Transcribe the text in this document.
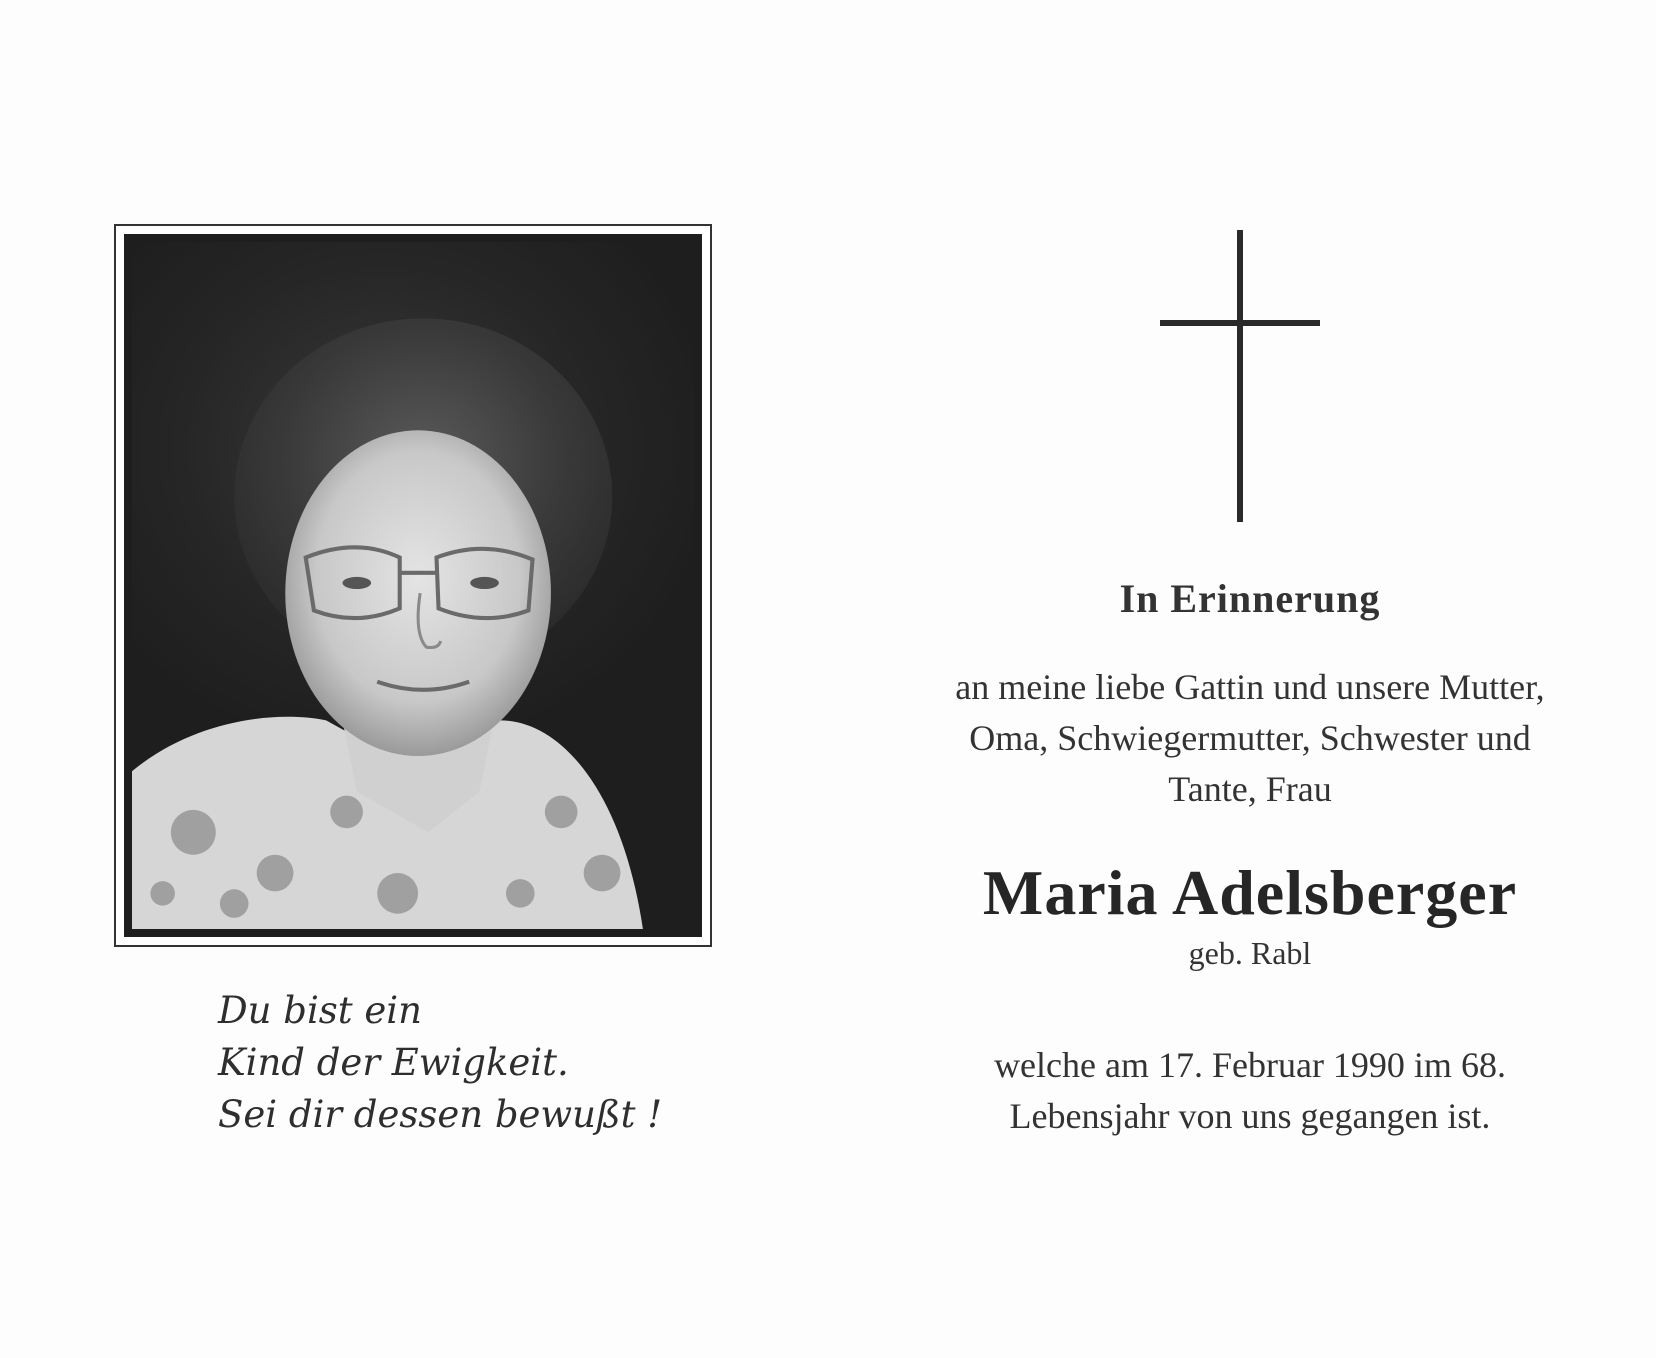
Du bist ein
Kind der Ewigkeit.
Sei dir dessen bewußt !
In Erinnerung
an meine liebe Gattin und unsere Mutter,
Oma, Schwiegermutter, Schwester und
Tante, Frau
Maria Adelsberger
geb. Rabl
welche am 17. Februar 1990 im 68.
Lebensjahr von uns gegangen ist.
